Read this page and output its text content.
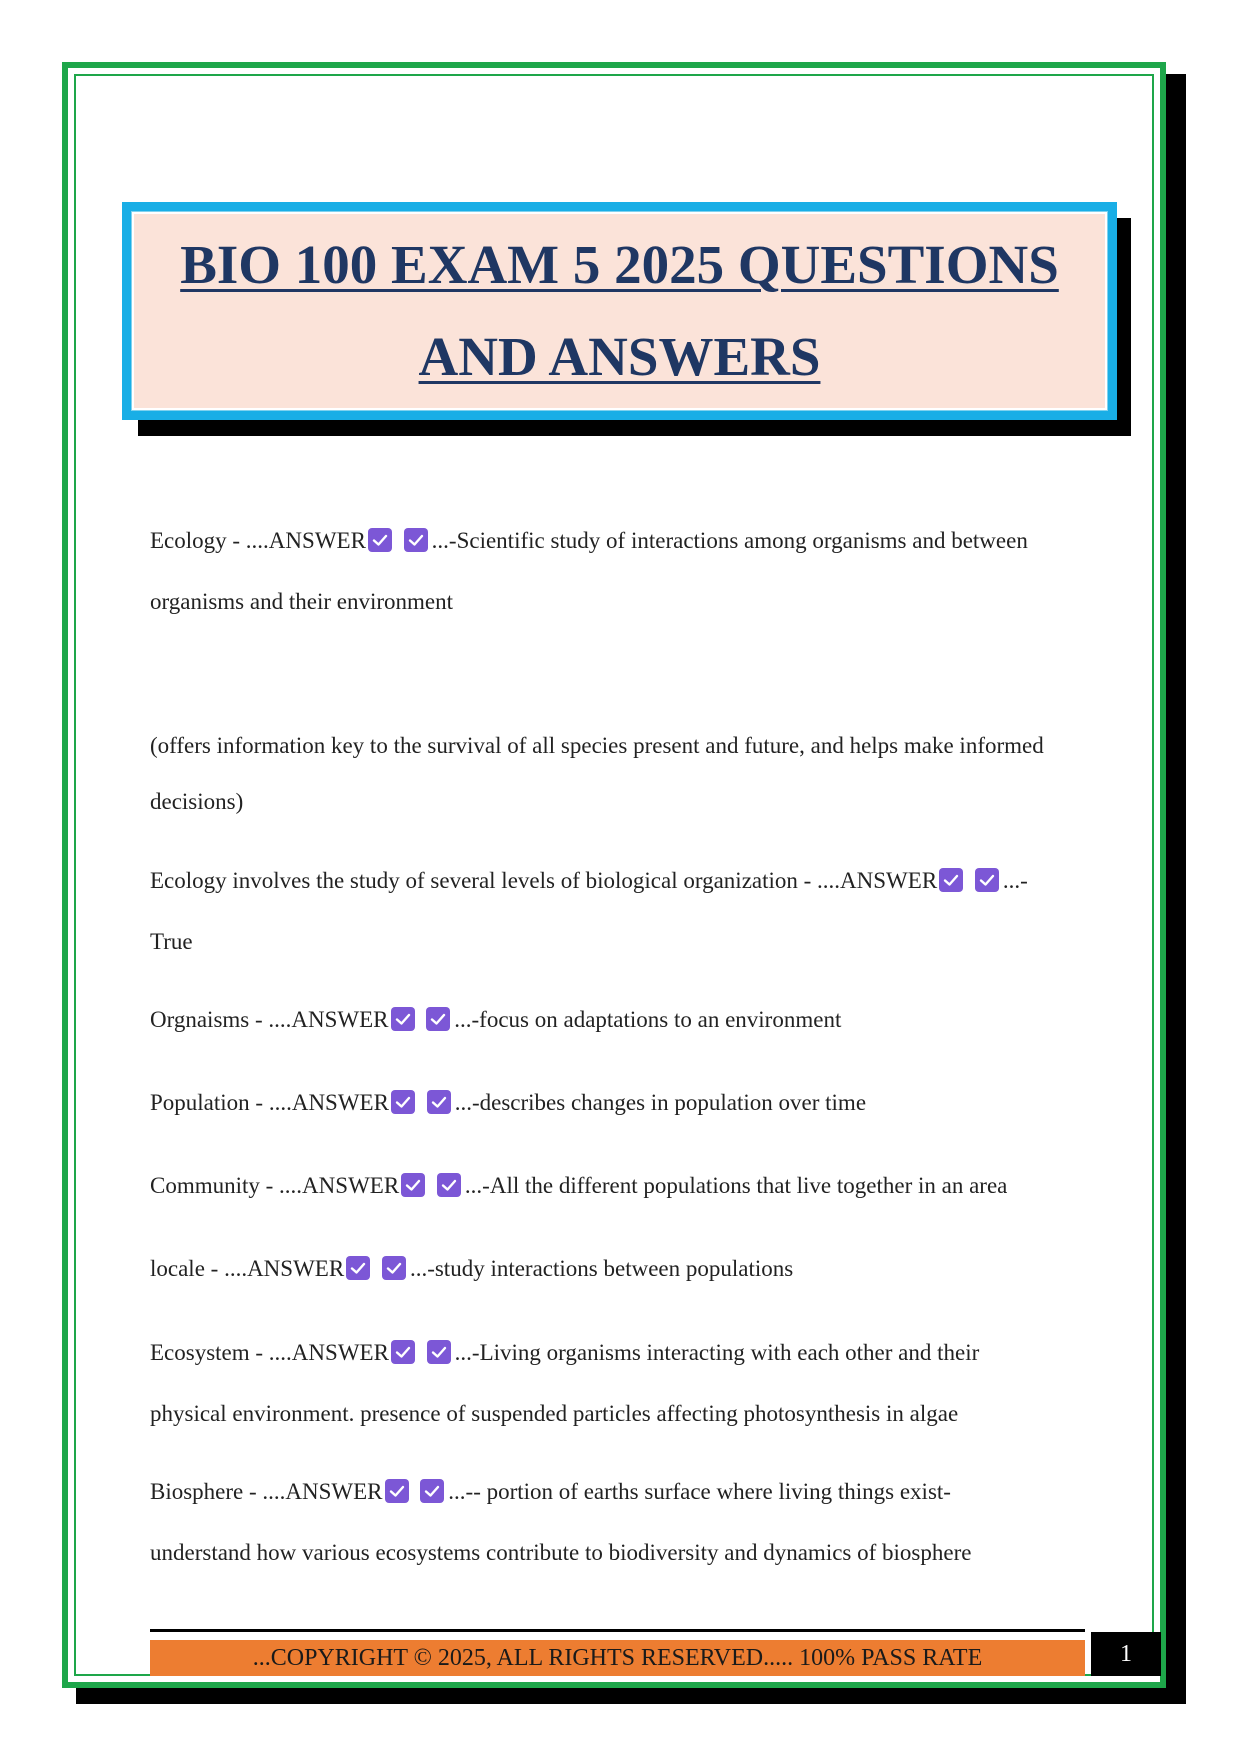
BIO 100 EXAM 5 2025 QUESTIONS
AND ANSWERS
Ecology - ....ANSWER
	...-Scientific study of interactions among organisms and between
organisms and their environment
(offers information key to the survival of all species present and future, and helps make informed
decisions)
Ecology involves the study of several levels of biological organization - ....ANSWER
	...-
True
Orgnaisms - ....ANSWER
	...-focus on adaptations to an environment
Population - ....ANSWER
	...-describes changes in population over time
Community - ....ANSWER
	...-All the different populations that live together in an area
locale - ....ANSWER
	...-study interactions between populations
Ecosystem - ....ANSWER
	...-Living organisms interacting with each other and their
physical environment. presence of suspended particles affecting photosynthesis in algae
Biosphere - ....ANSWER
	...-- portion of earths surface where living things exist-
understand how various ecosystems contribute to biodiversity and dynamics of biosphere
...COPYRIGHT © 2025, ALL RIGHTS RESERVED..... 100% PASS RATE	1
